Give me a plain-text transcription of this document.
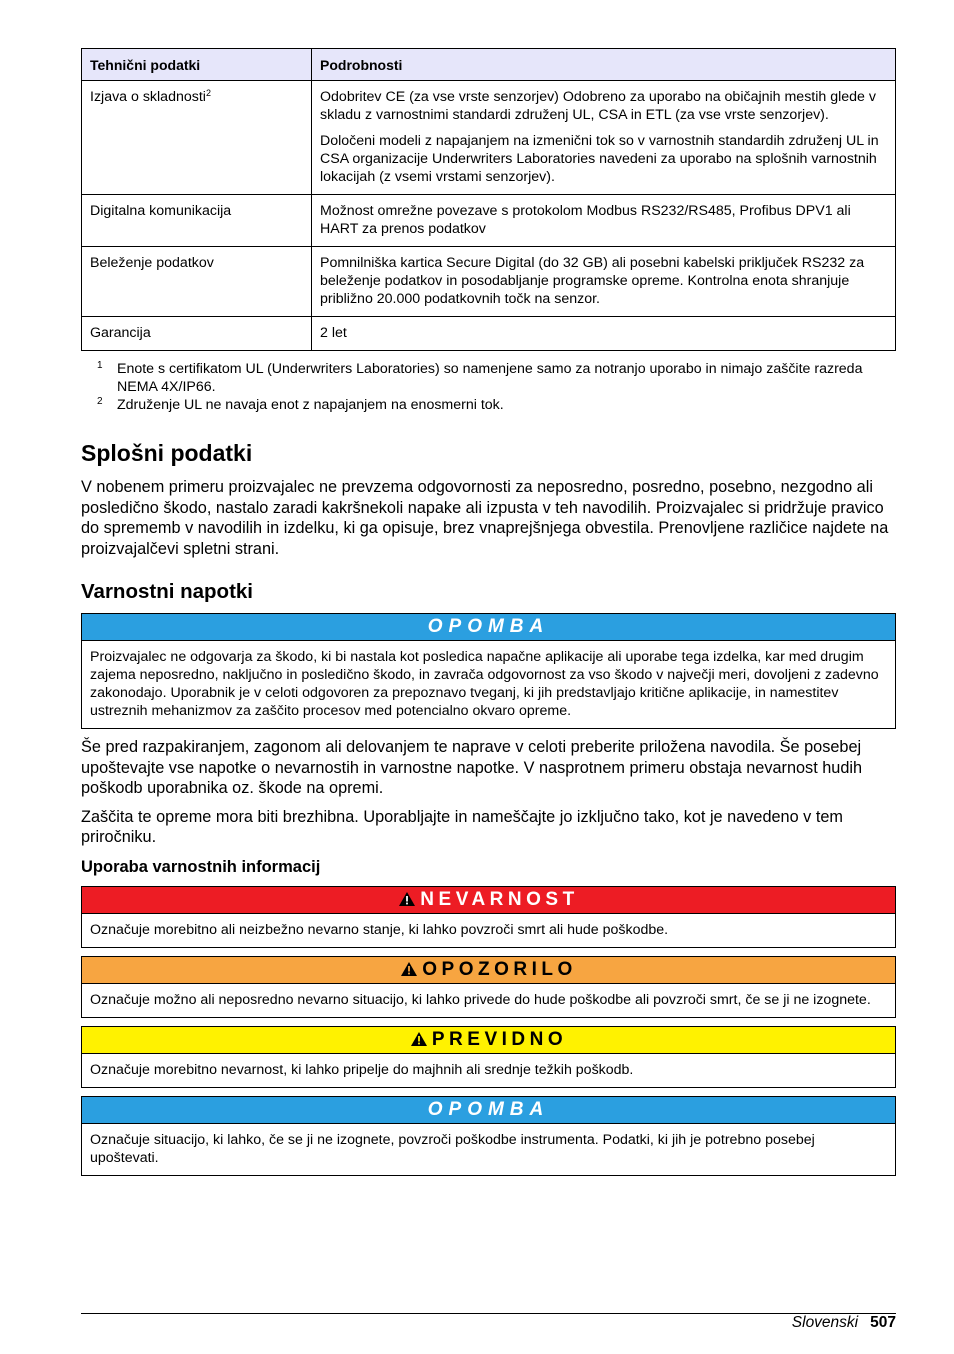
Tehnični podatki	Podrobnosti
Izjava o skladnosti$^2$	Odobritev CE (za vse vrste senzorjev) Odobreno za uporabo na običajnih mestih glede v skladu z varnostnimi standardi združenj UL, CSA in ETL (za vse vrste senzorjev).

Določeni modeli z napajanjem na izmenični tok so v varnostnih standardih združenj UL in CSA organizacije Underwriters Laboratories navedeni za uporabo na splošnih varnostnih lokacijah (z vsemi vrstami senzorjev).

Digitalna komunikacija	Možnost omrežne povezave s protokolom Modbus RS232/RS485, Profibus DPV1 ali HART za prenos podatkov

Beleženje podatkov	Pomnilniška kartica Secure Digital (do 32 GB) ali posebni kabelski priključek RS232 za beleženje podatkov in posodabljanje programske opreme. Kontrolna enota shranjuje približno 20.000 podatkovnih točk na senzor.

Garancija	2 let

1 Enote s certifikatom UL (Underwriters Laboratories) so namenjene samo za notranjo uporabo in nimajo zaščite razreda NEMA 4X/IP66.
2 Združenje UL ne navaja enot z napajanjem na enosmerni tok.
Splošni podatki

V nobenem primeru proizvajalec ne prevzema odgovornosti za neposredno, posredno, posebno, nezgodno ali posledično škodo, nastalo zaradi kakršnekoli napake ali izpusta v teh navodilih. Proizvajalec si pridržuje pravico do sprememb v navodilih in izdelku, ki ga opisuje, brez vnaprejšnjega obvestila. Prenovljene različice najdete na proizvajalčevi spletni strani.

Varnostni napotki
OPOMBA
Proizvajalec ne odgovarja za škodo, ki bi nastala kot posledica napačne aplikacije ali uporabe tega izdelka, kar med drugim zajema neposredno, naključno in posledično škodo, in zavrača odgovornost za vso škodo v največji meri, dovoljeni z zadevno zakonodajo. Uporabnik je v celoti odgovoren za prepoznavo tveganj, ki jih predstavljajo kritične aplikacije, in namestitev ustreznih mehanizmov za zaščito procesov med potencialno okvaro opreme.

Še pred razpakiranjem, zagonom ali delovanjem te naprave v celoti preberite priložena navodila. Še posebej upoštevajte vse napotke o nevarnostih in varnostne napotke. V nasprotnem primeru obstaja nevarnost hudih poškodb uporabnika oz. škode na opremi.

Zaščita te opreme mora biti brezhibna. Uporabljajte in nameščajte jo izključno tako, kot je navedeno v tem priročniku.

Uporaba varnostnih informacij
NEVARNOST
Označuje morebitno ali neizbežno nevarno stanje, ki lahko povzroči smrt ali hude poškodbe.
OPOZORILO
Označuje možno ali neposredno nevarno situacijo, ki lahko privede do hude poškodbe ali povzroči smrt, če se ji ne izognete.
PREVIDNO
Označuje morebitno nevarnost, ki lahko pripelje do majhnih ali srednje težkih poškodb.
OPOMBA
Označuje situacijo, ki lahko, če se ji ne izognete, povzroči poškodbe instrumenta. Podatki, ki jih je potrebno posebej upoštevati.
Slovenski 507
